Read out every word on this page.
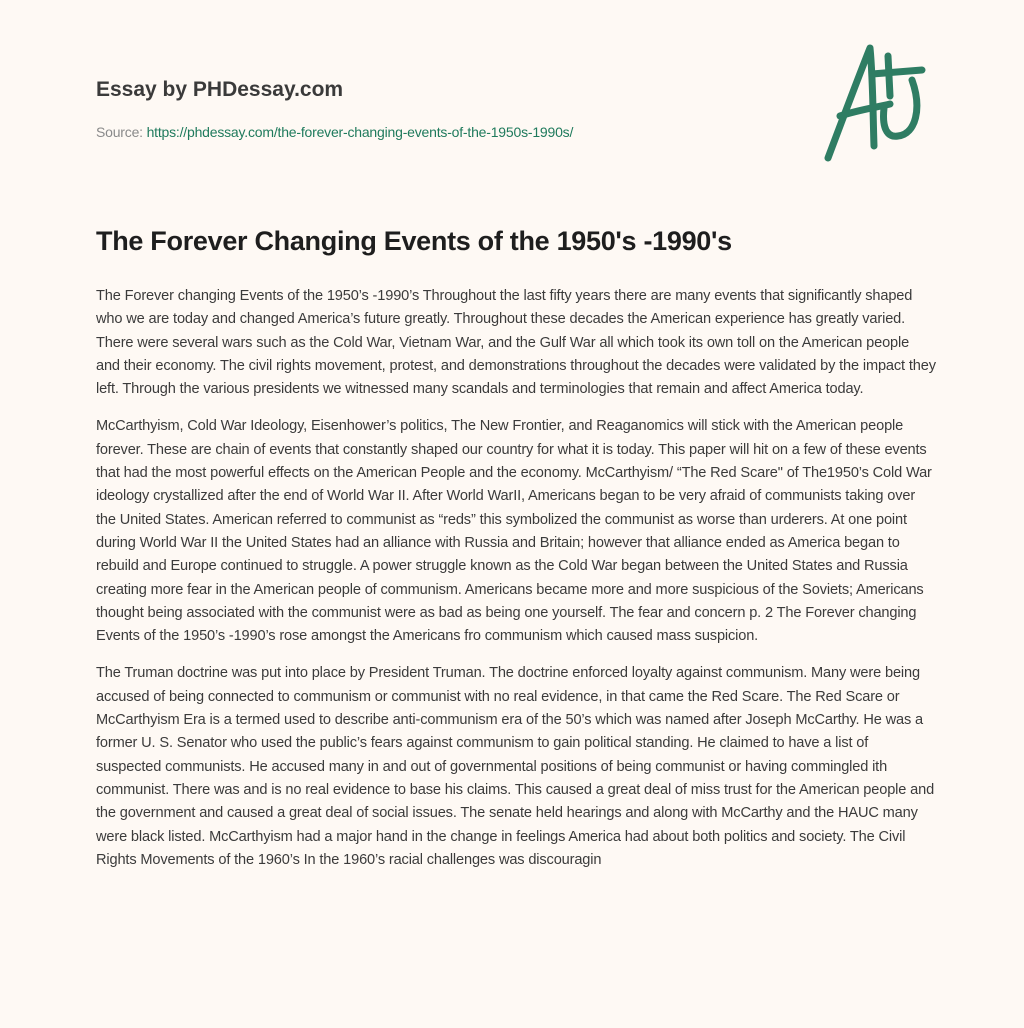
Essay by PHDessay.com
Source: https://phdessay.com/the-forever-changing-events-of-the-1950s-1990s/
The Forever Changing Events of the 1950's -1990's

The Forever changing Events of the 1950’s -1990’s Throughout the last fifty years there are many events that significantly shaped who we are today and changed America’s future greatly. Throughout these decades the American experience has greatly varied. There were several wars such as the Cold War, Vietnam War, and the Gulf War all which took its own toll on the American people and their economy. The civil rights movement, protest, and demonstrations throughout the decades were validated by the impact they left. Through the various presidents we witnessed many scandals and terminologies that remain and affect America today.

McCarthyism, Cold War Ideology, Eisenhower’s politics, The New Frontier, and Reaganomics will stick with the American people forever. These are chain of events that constantly shaped our country for what it is today. This paper will hit on a few of these events that had the most powerful effects on the American People and the economy. McCarthyism/ “The Red Scare" of The1950’s Cold War ideology crystallized after the end of World War II. After World WarII, Americans began to be very afraid of communists taking over the United States. American referred to communist as “reds” this symbolized the communist as worse than urderers. At one point during World War II the United States had an alliance with Russia and Britain; however that alliance ended as America began to rebuild and Europe continued to struggle. A power struggle known as the Cold War began between the United States and Russia creating more fear in the American people of communism. Americans became more and more suspicious of the Soviets; Americans thought being associated with the communist were as bad as being one yourself. The fear and concern p. 2 The Forever changing Events of the 1950’s -1990’s rose amongst the Americans fro communism which caused mass suspicion.

The Truman doctrine was put into place by President Truman. The doctrine enforced loyalty against communism. Many were being accused of being connected to communism or communist with no real evidence, in that came the Red Scare. The Red Scare or McCarthyism Era is a termed used to describe anti-communism era of the 50’s which was named after Joseph McCarthy. He was a former U. S. Senator who used the public’s fears against communism to gain political standing. He claimed to have a list of suspected communists. He accused many in and out of governmental positions of being communist or having commingled ith communist. There was and is no real evidence to base his claims. This caused a great deal of miss trust for the American people and the government and caused a great deal of social issues. The senate held hearings and along with McCarthy and the HAUC many were black listed. McCarthyism had a major hand in the change in feelings America had about both politics and society. The Civil Rights Movements of the 1960’s In the 1960’s racial challenges was discouragin
